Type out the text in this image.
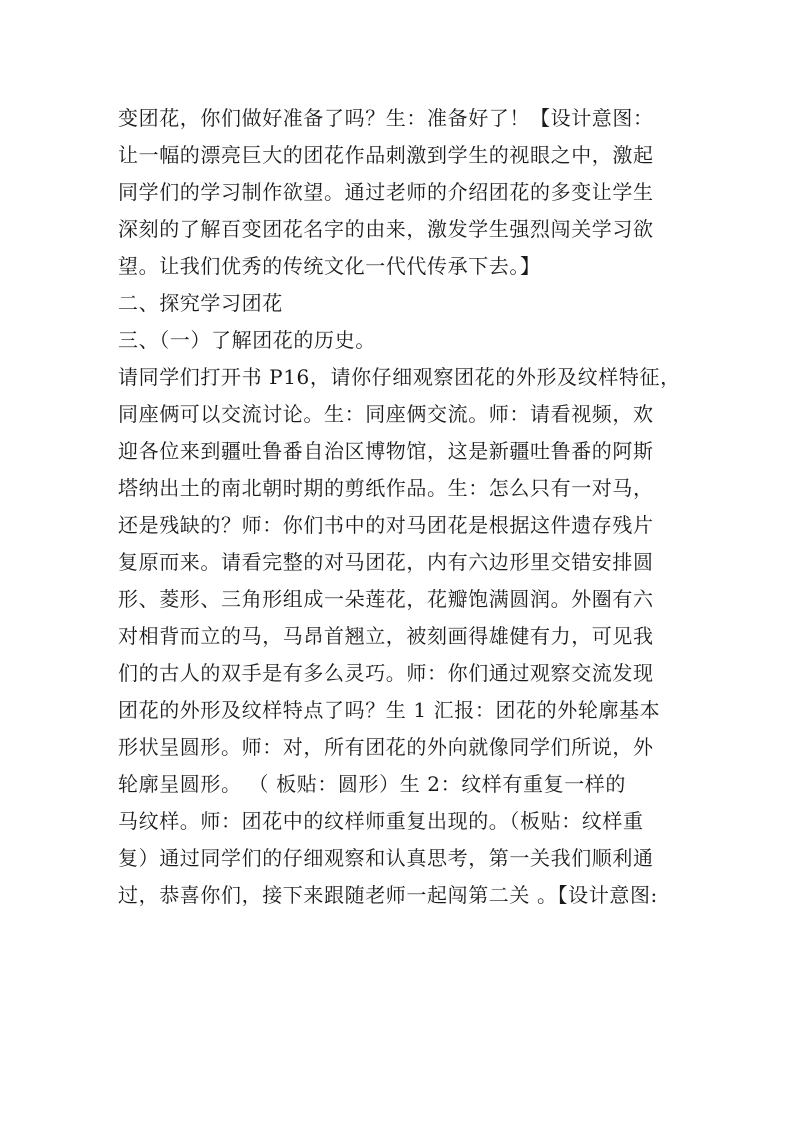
变团花，你们做好准备了吗？生：准备好了！【设计意图：
让一幅的漂亮巨大的团花作品刺激到学生的视眼之中，激起
同学们的学习制作欲望。通过老师的介绍团花的多变让学生
深刻的了解百变团花名字的由来，激发学生强烈闯关学习欲
望。让我们优秀的传统文化一代代传承下去。】
二、探究学习团花
三、（一）了解团花的历史。
请同学们打开书 P16，请你仔细观察团花的外形及纹样特征，
同座俩可以交流讨论。生：同座俩交流。师：请看视频，欢
迎各位来到疆吐鲁番自治区博物馆，这是新疆吐鲁番的阿斯
塔纳出土的南北朝时期的剪纸作品。生：怎么只有一对马，
还是残缺的？师：你们书中的对马团花是根据这件遗存残片
复原而来。请看完整的对马团花，内有六边形里交错安排圆
形、菱形、三角形组成一朵莲花，花瓣饱满圆润。外圈有六
对相背而立的马，马昂首翘立，被刻画得雄健有力，可见我
们的古人的双手是有多么灵巧。师：你们通过观察交流发现
团花的外形及纹样特点了吗？生 1 汇报：团花的外轮廓基本
形状呈圆形。师：对，所有团花的外向就像同学们所说，外
轮廓呈圆形。 （ 板贴：圆形）生 2：纹样有重复一样的
马纹样。师：团花中的纹样师重复出现的。（板贴：纹样重
复）通过同学们的仔细观察和认真思考，第一关我们顺利通
过，恭喜你们，接下来跟随老师一起闯第二关 。【设计意图:
